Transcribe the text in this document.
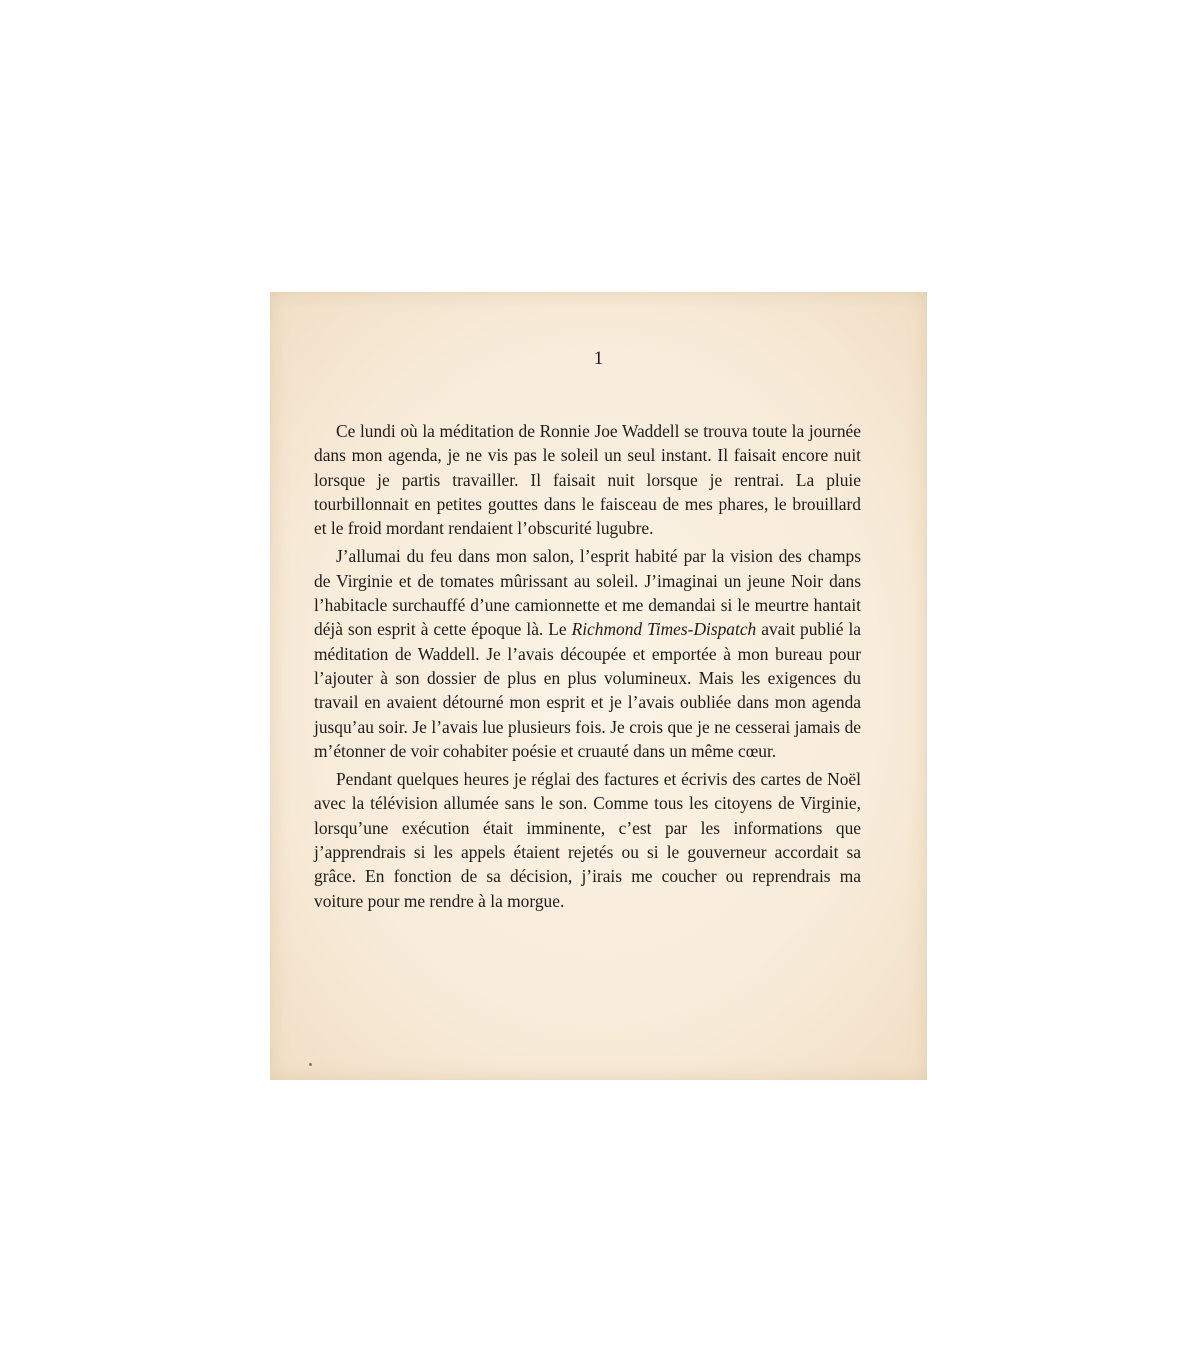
1

Ce lundi où la méditation de Ronnie Joe Waddell se trouva toute la journée dans mon agenda, je ne vis pas le soleil un seul instant. Il faisait encore nuit lorsque je partis travailler. Il faisait nuit lorsque je rentrai. La pluie tourbillonnait en petites gouttes dans le faisceau de mes phares, le brouillard et le froid mordant rendaient l’obscurité lugubre.

J’allumai du feu dans mon salon, l’esprit habité par la vision des champs de Virginie et de tomates mûrissant au soleil. J’imaginai un jeune Noir dans l’habitacle surchauffé d’une camionnette et me demandai si le meurtre hantait déjà son esprit à cette époque là. Le Richmond Times-Dispatch avait publié la méditation de Waddell. Je l’avais découpée et emportée à mon bureau pour l’ajouter à son dossier de plus en plus volumineux. Mais les exigences du travail en avaient détourné mon esprit et je l’avais oubliée dans mon agenda jusqu’au soir. Je l’avais lue plusieurs fois. Je crois que je ne cesserai jamais de m’étonner de voir cohabiter poésie et cruauté dans un même cœur.

Pendant quelques heures je réglai des factures et écrivis des cartes de Noël avec la télévision allumée sans le son. Comme tous les citoyens de Virginie, lorsqu’une exécution était imminente, c’est par les informations que j’apprendrais si les appels étaient rejetés ou si le gouverneur accordait sa grâce. En fonction de sa décision, j’irais me coucher ou reprendrais ma voiture pour me rendre à la morgue.
